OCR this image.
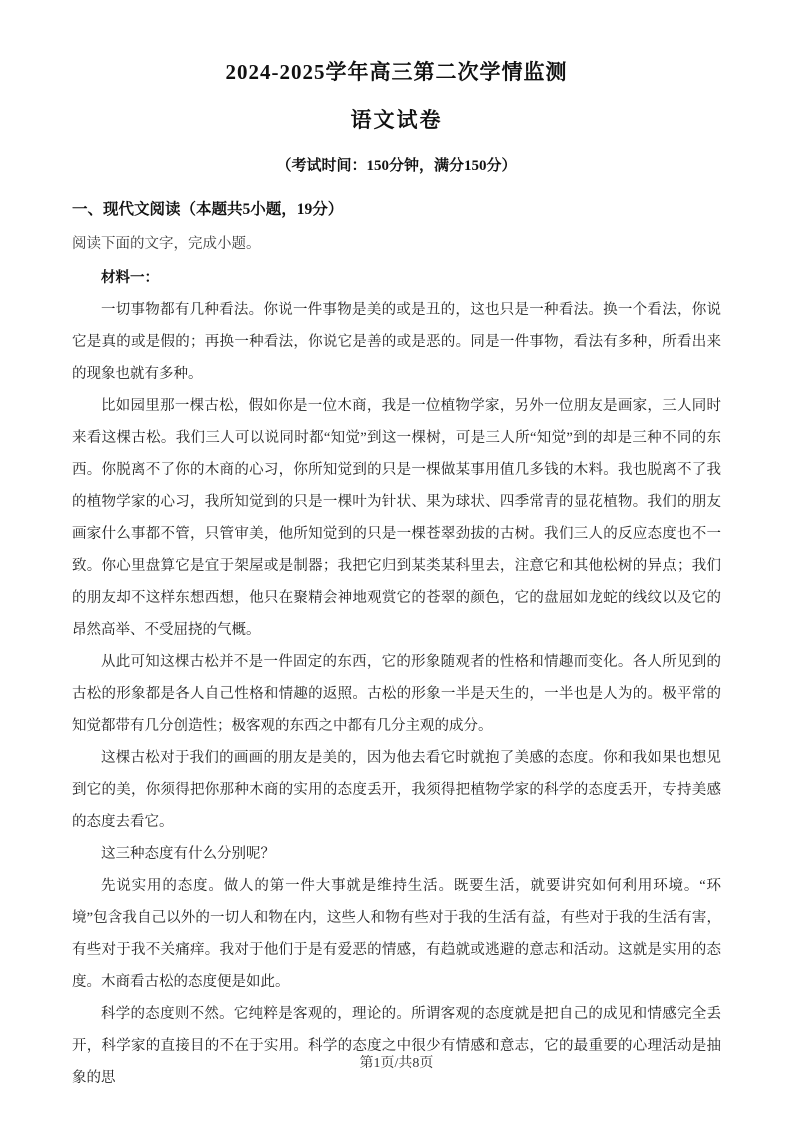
2024-2025学年高三第二次学情监测
语文试卷
（考试时间：150分钟，满分150分）
一、现代文阅读（本题共5小题，19分）
阅读下面的文字，完成小题。
材料一：

一切事物都有几种看法。你说一件事物是美的或是丑的，这也只是一种看法。换一个看法，你说它是真的或是假的；再换一种看法，你说它是善的或是恶的。同是一件事物，看法有多种，所看出来的现象也就有多种。

比如园里那一棵古松，假如你是一位木商，我是一位植物学家，另外一位朋友是画家，三人同时来看这棵古松。我们三人可以说同时都“知觉”到这一棵树，可是三人所“知觉”到的却是三种不同的东西。你脱离不了你的木商的心习，你所知觉到的只是一棵做某事用值几多钱的木料。我也脱离不了我的植物学家的心习，我所知觉到的只是一棵叶为针状、果为球状、四季常青的显花植物。我们的朋友画家什么事都不管，只管审美，他所知觉到的只是一棵苍翠劲拔的古树。我们三人的反应态度也不一致。你心里盘算它是宜于架屋或是制器；我把它归到某类某科里去，注意它和其他松树的异点；我们的朋友却不这样东想西想，他只在聚精会神地观赏它的苍翠的颜色，它的盘屈如龙蛇的线纹以及它的昂然高举、不受屈挠的气概。

从此可知这棵古松并不是一件固定的东西，它的形象随观者的性格和情趣而变化。各人所见到的古松的形象都是各人自己性格和情趣的返照。古松的形象一半是天生的，一半也是人为的。极平常的知觉都带有几分创造性；极客观的东西之中都有几分主观的成分。

这棵古松对于我们的画画的朋友是美的，因为他去看它时就抱了美感的态度。你和我如果也想见到它的美，你须得把你那种木商的实用的态度丢开，我须得把植物学家的科学的态度丢开，专持美感的态度去看它。

这三种态度有什么分别呢？

先说实用的态度。做人的第一件大事就是维持生活。既要生活，就要讲究如何利用环境。“环境”包含我自己以外的一切人和物在内，这些人和物有些对于我的生活有益，有些对于我的生活有害，有些对于我不关痛痒。我对于他们于是有爱恶的情感，有趋就或逃避的意志和活动。这就是实用的态度。木商看古松的态度便是如此。

科学的态度则不然。它纯粹是客观的，理论的。所谓客观的态度就是把自己的成见和情感完全丢开，科学家的直接目的不在于实用。科学的态度之中很少有情感和意志，它的最重要的心理活动是抽象的思

第1页/共8页
